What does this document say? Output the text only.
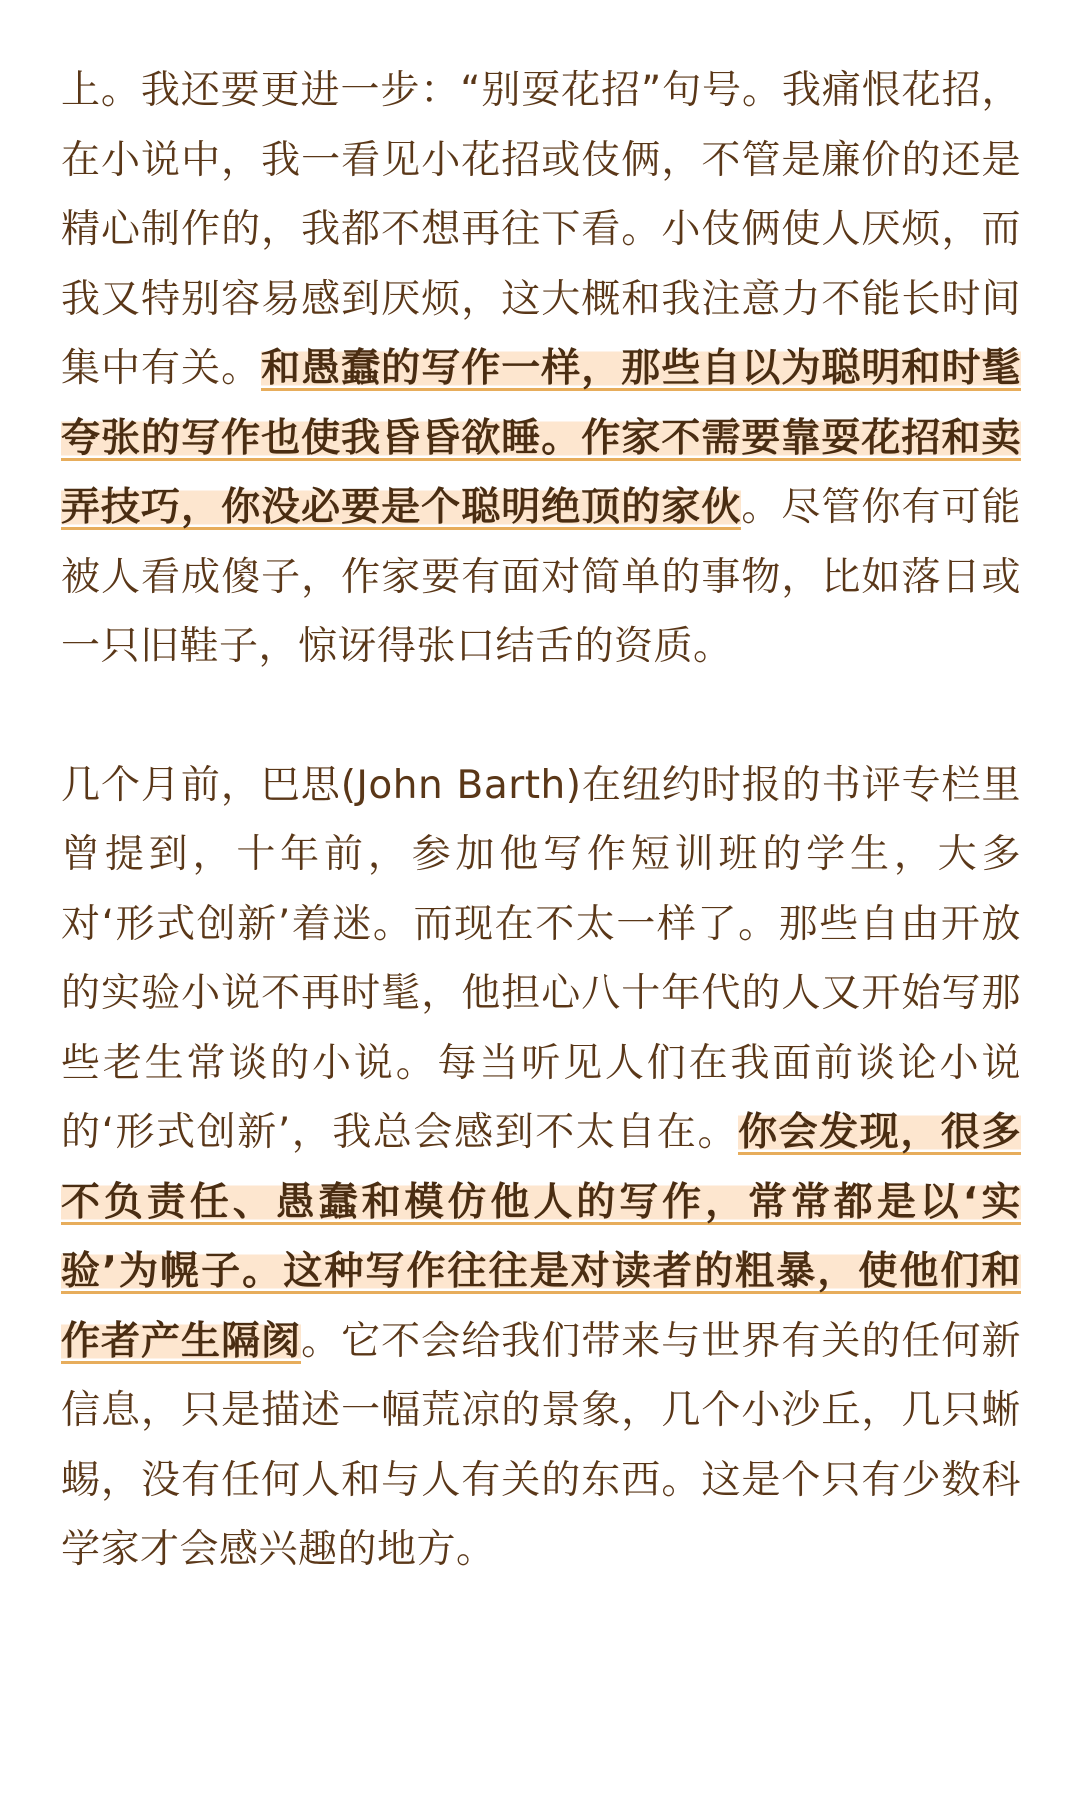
上。我还要更进一步：“别耍花招”句号。我痛恨花招，在小说中，我一看见小花招或伎俩，不管是廉价的还是精心制作的，我都不想再往下看。小伎俩使人厌烦，而我又特别容易感到厌烦，这大概和我注意力不能长时间集中有关。和愚蠢的写作一样，那些自以为聪明和时髦夸张的写作也使我昏昏欲睡。作家不需要靠耍花招和卖弄技巧，你没必要是个聪明绝顶的家伙。尽管你有可能被人看成傻子，作家要有面对简单的事物，比如落日或一只旧鞋子，惊讶得张口结舌的资质。

几个月前，巴思(John Barth)在纽约时报的书评专栏里曾提到，十年前，参加他写作短训班的学生，大多对‘形式创新’着迷。而现在不太一样了。那些自由开放的实验小说不再时髦，他担心八十年代的人又开始写那些老生常谈的小说。每当听见人们在我面前谈论小说的‘形式创新’，我总会感到不太自在。你会发现，很多不负责任、愚蠢和模仿他人的写作，常常都是以‘实验’为幌子。这种写作往往是对读者的粗暴，使他们和作者产生隔阂。它不会给我们带来与世界有关的任何新信息，只是描述一幅荒凉的景象，几个小沙丘，几只蜥蜴，没有任何人和与人有关的东西。这是个只有少数科学家才会感兴趣的地方。
